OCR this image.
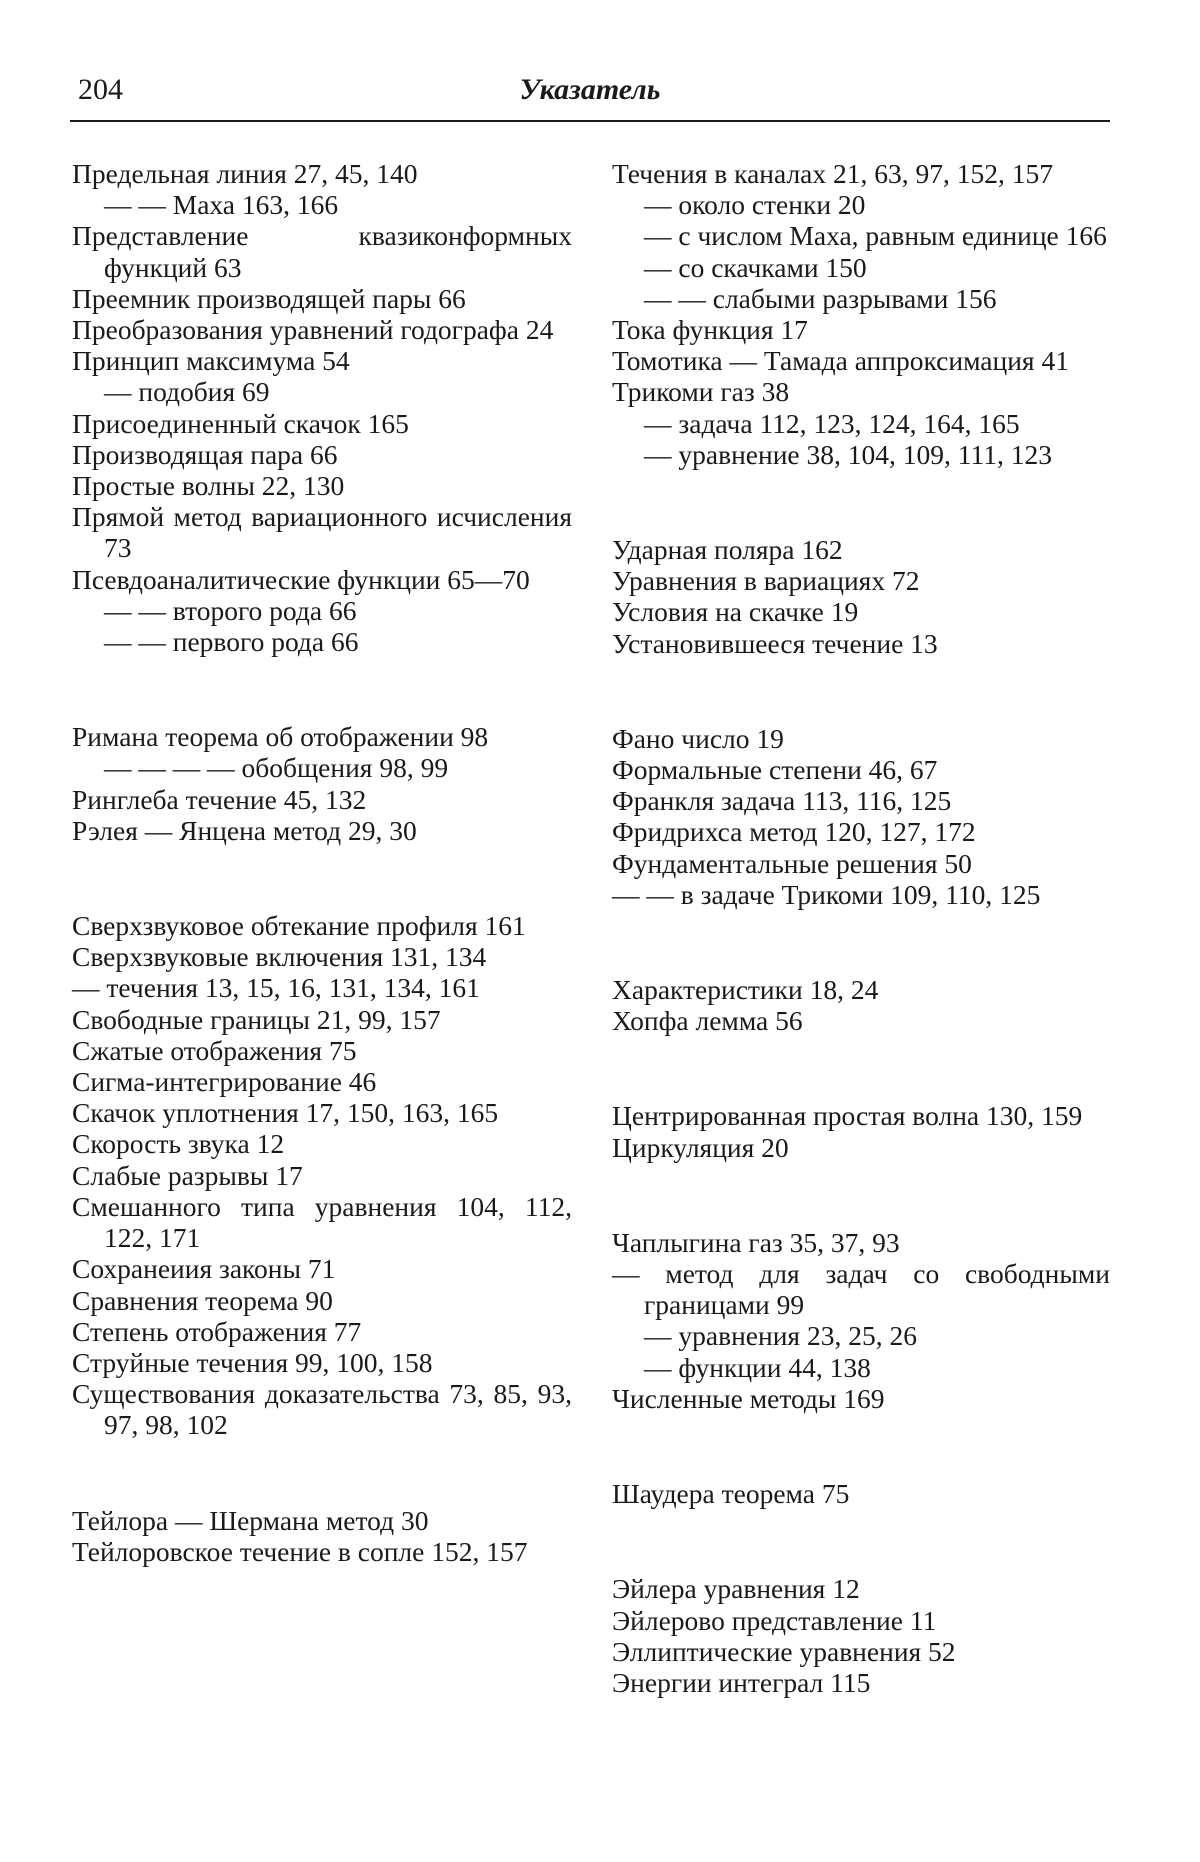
204	Указатель
Предельная линия 27, 45, 140
— — Маха 163, 166
Представление квазиконформных функций 63
Преемник производящей пары 66
Преобразования уравнений годографа 24
Принцип максимума 54
— подобия 69
Присоединенный скачок 165
Производящая пара 66
Простые волны 22, 130
Прямой метод вариационного исчисления 73
Псевдоаналитические функции 65—70
— — второго рода 66
— — первого рода 66
Римана теорема об отображении 98
— — — — обобщения 98, 99
Ринглеба течение 45, 132
Рэлея — Янцена метод 29, 30
Сверхзвуковое обтекание профиля 161
Сверхзвуковые включения 131, 134
— течения 13, 15, 16, 131, 134, 161
Свободные границы 21, 99, 157
Сжатые отображения 75
Сигма-интегрирование 46
Скачок уплотнения 17, 150, 163, 165
Скорость звука 12
Слабые разрывы 17
Смешанного типа уравнения 104, 112, 122, 171
Сохранеиия законы 71
Сравнения теорема 90
Степень отображения 77
Струйные течения 99, 100, 158
Существования доказательства 73, 85, 93, 97, 98, 102
Тейлора — Шермана метод 30
Тейлоровское течение в сопле 152, 157
Течения в каналах 21, 63, 97, 152, 157
— около стенки 20
— с числом Маха, равным единице 166
— со скачками 150
— — слабыми разрывами 156
Тока функция 17
Томотика — Тамада аппроксимация 41
Трикоми газ 38
— задача 112, 123, 124, 164, 165
— уравнение 38, 104, 109, 111, 123
Ударная поляра 162
Уравнения в вариациях 72
Условия на скачке 19
Установившееся течение 13
Фано число 19
Формальные степени 46, 67
Франкля задача 113, 116, 125
Фридрихса метод 120, 127, 172
Фундаментальные решения 50
— — в задаче Трикоми 109, 110, 125
Характеристики 18, 24
Хопфа лемма 56
Центрированная простая волна 130, 159
Циркуляция 20
Чаплыгина газ 35, 37, 93
— метод для задач со свободными границами 99
— уравнения 23, 25, 26
— функции 44, 138
Численные методы 169
Шаудера теорема 75
Эйлера уравнения 12
Эйлерово представление 11
Эллиптические уравнения 52
Энергии интеграл 115
